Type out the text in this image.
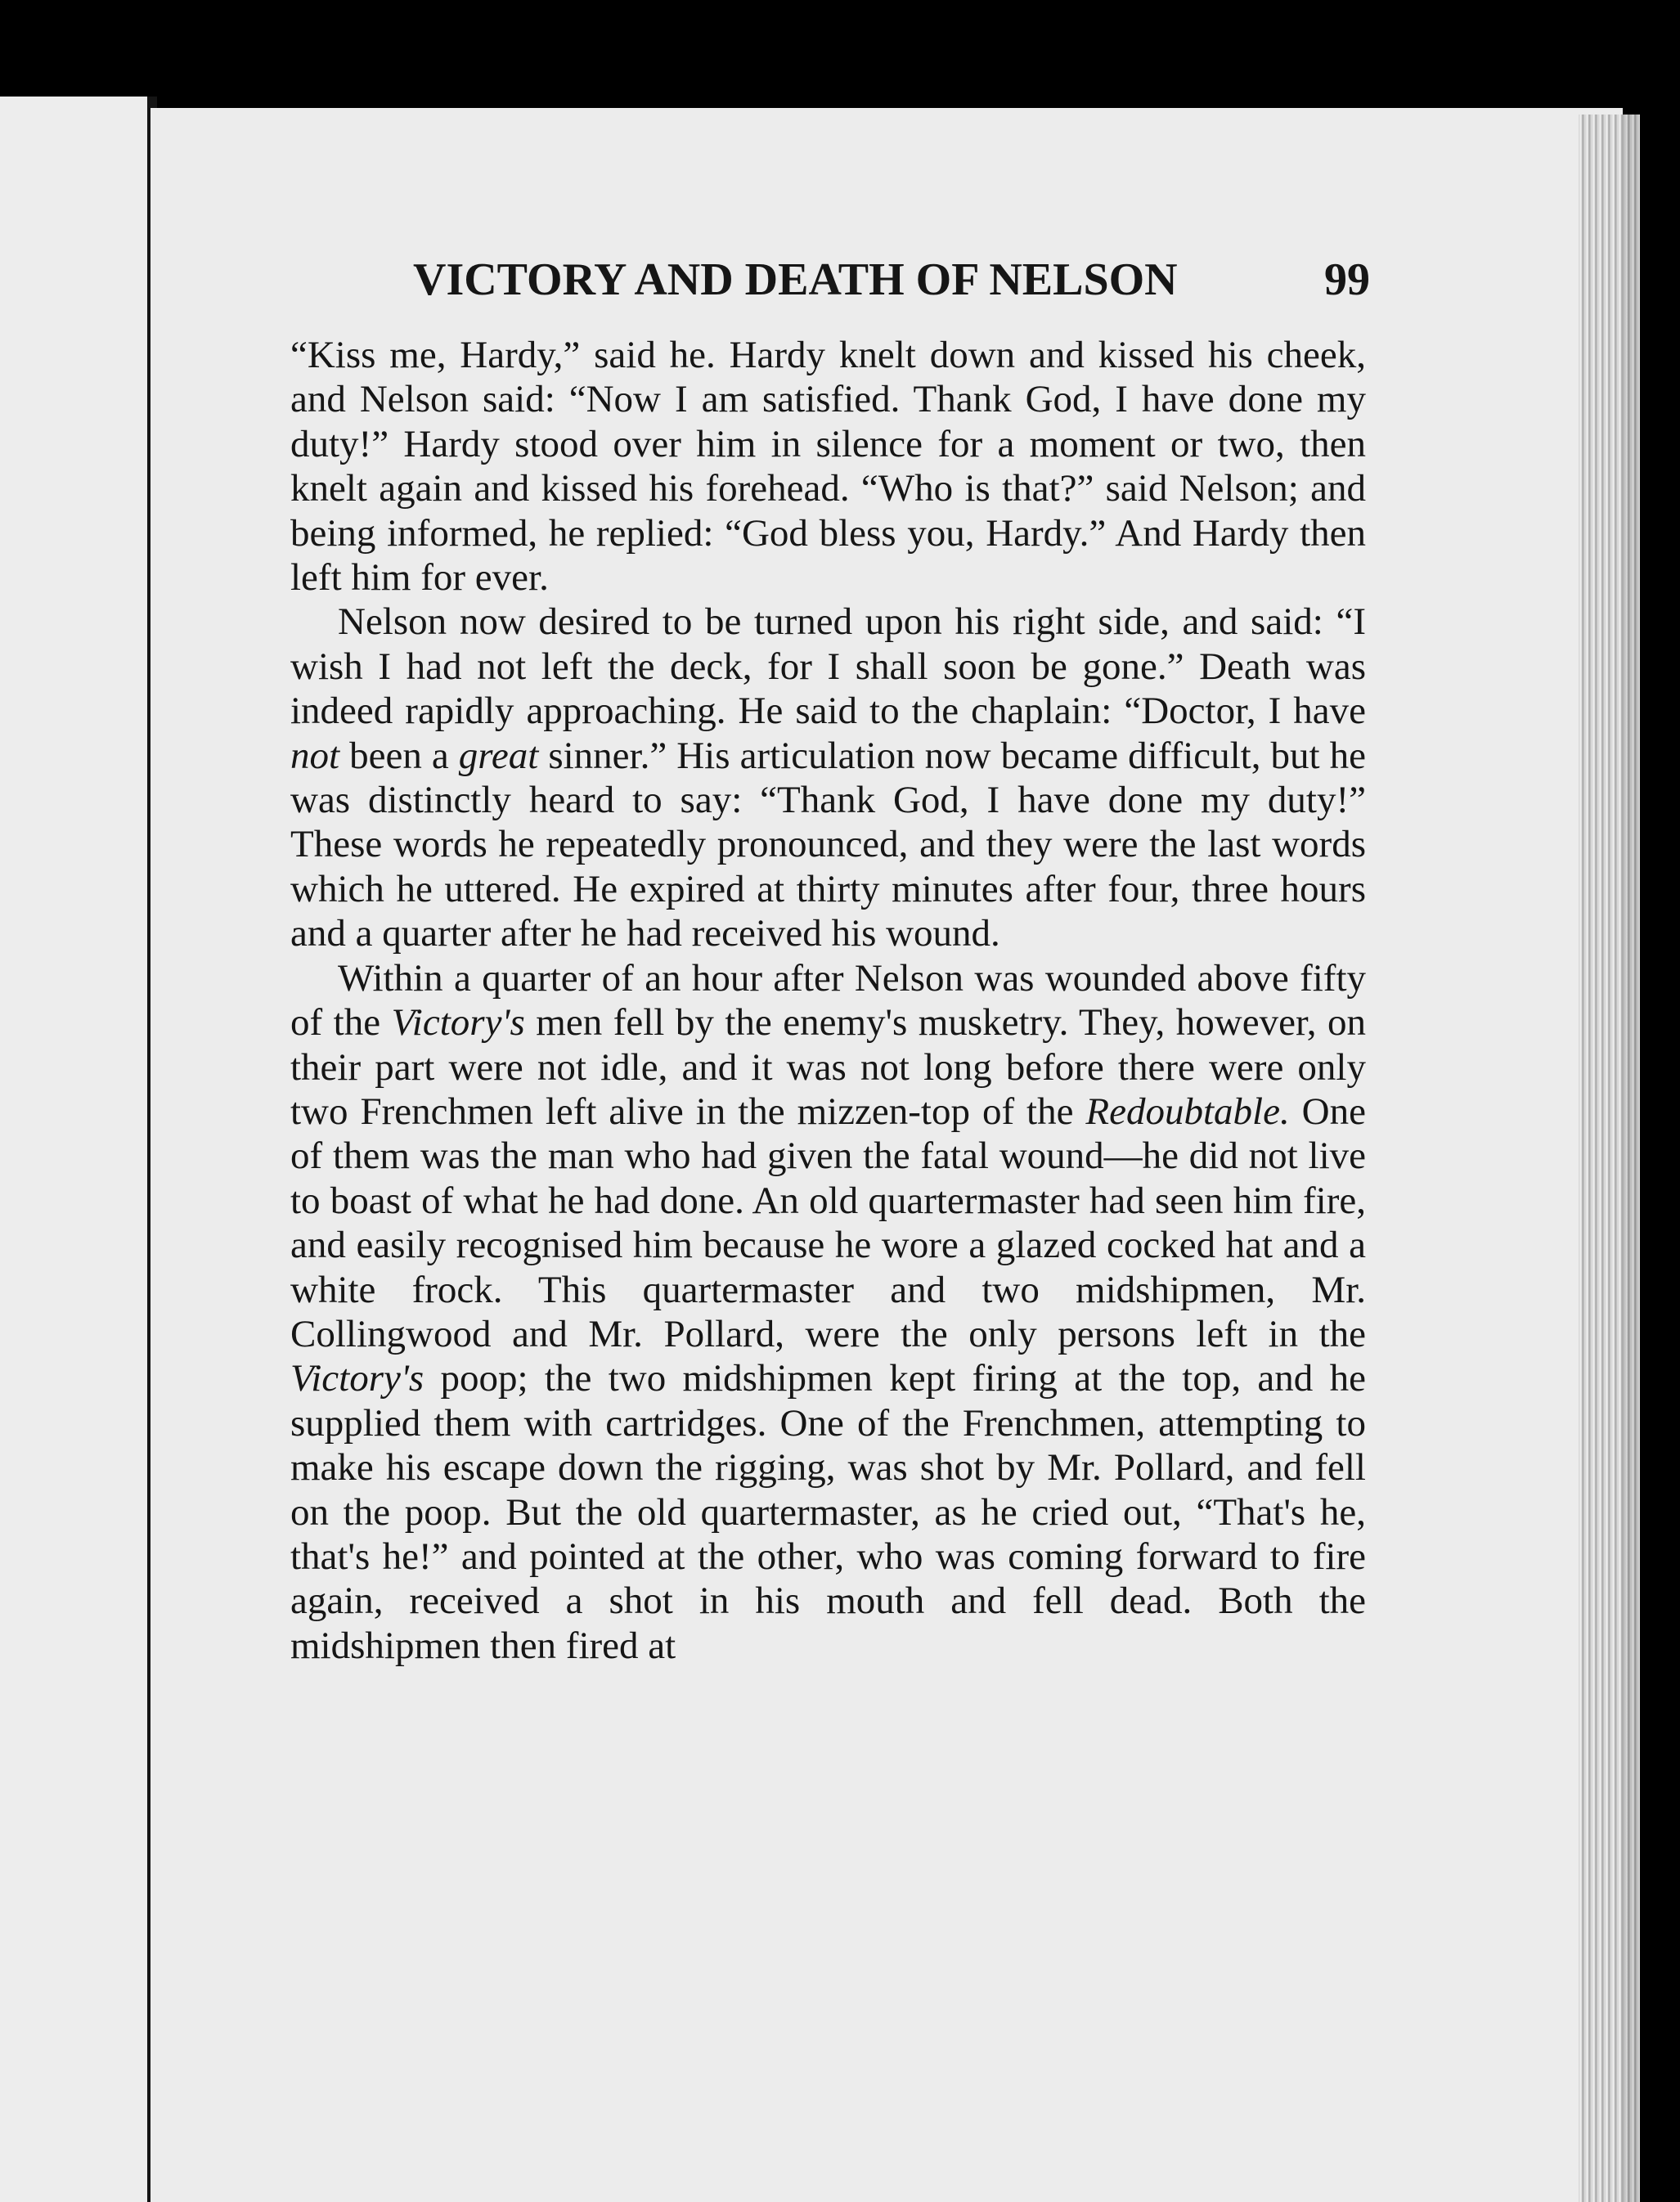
VICTORY AND DEATH OF NELSON	99

“Kiss me, Hardy,” said he. Hardy knelt down and kissed his cheek, and Nelson said: “Now I am satisfied. Thank God, I have done my duty!” Hardy stood over him in silence for a moment or two, then knelt again and kissed his forehead. “Who is that?” said Nelson; and being informed, he replied: “God bless you, Hardy.” And Hardy then left him for ever.

Nelson now desired to be turned upon his right side, and said: “I wish I had not left the deck, for I shall soon be gone.” Death was indeed rapidly approaching. He said to the chaplain: “Doctor, I have not been a great sinner.” His articulation now became difficult, but he was distinctly heard to say: “Thank God, I have done my duty!” These words he repeatedly pronounced, and they were the last words which he uttered. He expired at thirty minutes after four, three hours and a quarter after he had received his wound.

Within a quarter of an hour after Nelson was wounded above fifty of the Victory's men fell by the enemy's musketry. They, however, on their part were not idle, and it was not long before there were only two Frenchmen left alive in the mizzen-top of the Redoubtable. One of them was the man who had given the fatal wound—he did not live to boast of what he had done. An old quartermaster had seen him fire, and easily recognised him because he wore a glazed cocked hat and a white frock. This quartermaster and two midshipmen, Mr. Collingwood and Mr. Pollard, were the only persons left in the Victory's poop; the two midshipmen kept firing at the top, and he supplied them with cartridges. One of the Frenchmen, attempting to make his escape down the rigging, was shot by Mr. Pollard, and fell on the poop. But the old quartermaster, as he cried out, “That's he, that's he!” and pointed at the other, who was coming forward to fire again, received a shot in his mouth and fell dead. Both the midshipmen then fired at
